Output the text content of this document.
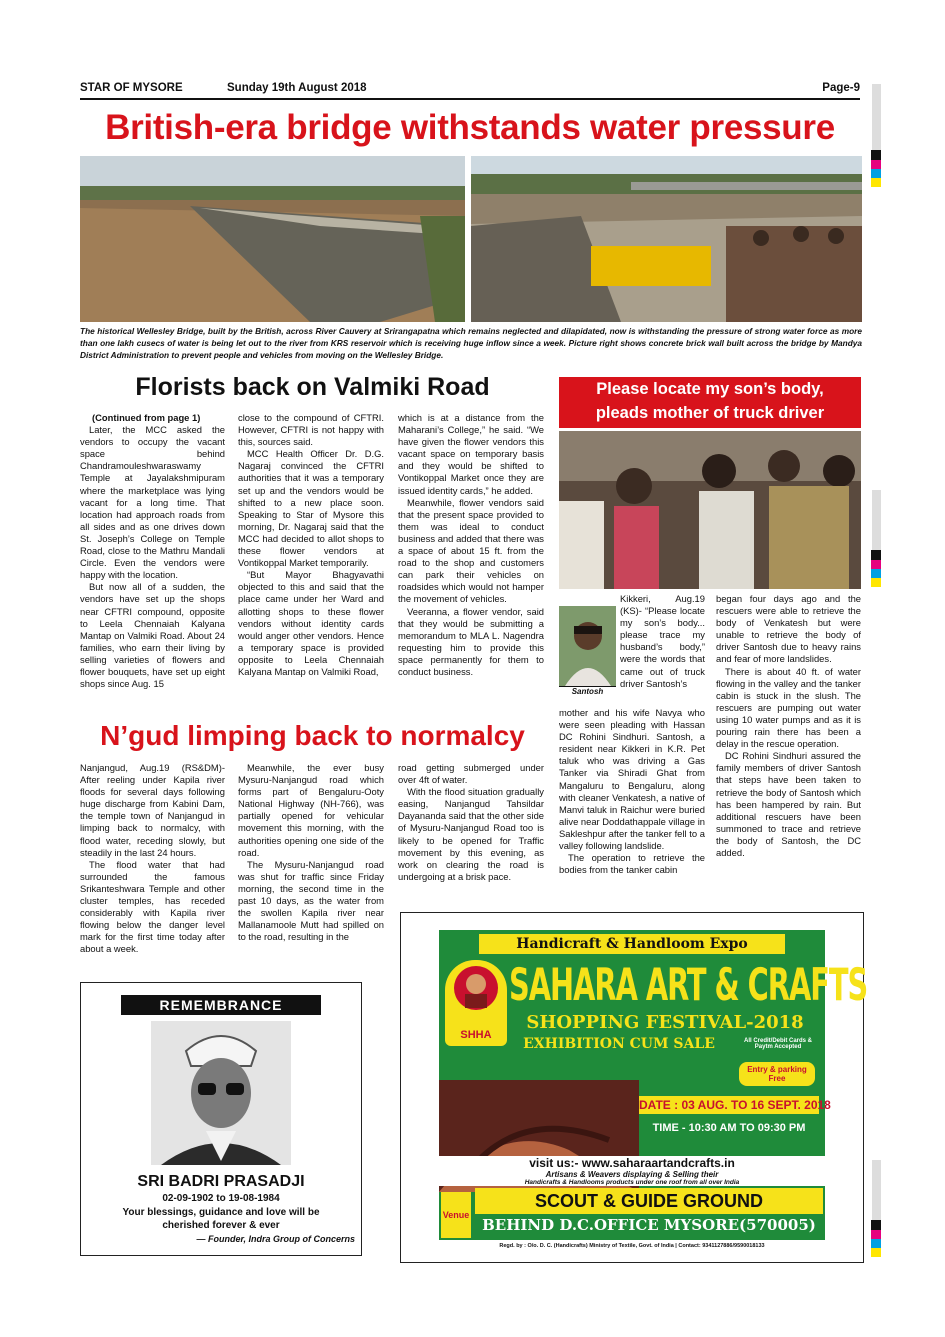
STAR OF MYSORE	Sunday 19th August 2018	Page-9
British-era bridge withstands water pressure
The historical Wellesley Bridge, built by the British, across River Cauvery at Srirangapatna which remains neglected and dilapidated, now is withstanding the pressure of strong water force as more than one lakh cusecs of water is being let out to the river from KRS reservoir which is receiving huge inflow since a week. Picture right shows concrete brick wall built across the bridge by Mandya District Administration to prevent people and vehicles from moving on the Wellesley Bridge.
Florists back on Valmiki Road

(Continued from page 1)

Later, the MCC asked the vendors to occupy the vacant space behind Chandramouleshwaraswamy Temple at Jayalakshmipuram where the marketplace was lying vacant for a long time. That location had approach roads from all sides and as one drives down St. Joseph’s College on Temple Road, close to the Mathru Mandali Circle. Even the vendors were happy with the location.

But now all of a sudden, the vendors have set up the shops near CFTRI compound, opposite to Leela Chennaiah Kalyana Mantap on Valmiki Road. About 24 families, who earn their living by selling varieties of flowers and flower bouquets, have set up eight shops since Aug. 15

close to the compound of CFTRI. However, CFTRI is not happy with this, sources said.

MCC Health Officer Dr. D.G. Nagaraj convinced the CFTRI authorities that it was a temporary set up and the vendors would be shifted to a new place soon. Speaking to Star of Mysore this morning, Dr. Nagaraj said that the MCC had decided to allot shops to these flower vendors at Vontikoppal Market temporarily.

“But Mayor Bhagyavathi objected to this and said that the place came under her Ward and allotting shops to these flower vendors without identity cards would anger other vendors. Hence a temporary space is provided opposite to Leela Chennaiah Kalyana Mantap on Valmiki Road,

which is at a distance from the Maharani’s College,” he said. “We have given the flower vendors this vacant space on temporary basis and they would be shifted to Vontikoppal Market once they are issued identity cards,” he added.

Meanwhile, flower vendors said that the present space provided to them was ideal to conduct business and added that there was a space of about 15 ft. from the road to the shop and customers can park their vehicles on roadsides which would not hamper the movement of vehicles.

Veeranna, a flower vendor, said that they would be submitting a memorandum to MLA L. Nagendra requesting him to provide this space permanently for them to conduct business.

Please locate my son’s body,
pleads mother of truck driver

Kikkeri, Aug.19 (KS)- “Please locate my son’s body... please trace my husband’s body,” were the words that came out of truck driver Santosh’s

Santosh

mother and his wife Navya who were seen pleading with Hassan DC Rohini Sindhuri. Santosh, a resident near Kikkeri in K.R. Pet taluk who was driving a Gas Tanker via Shiradi Ghat from Mangaluru to Bengaluru, along with cleaner Venkatesh, a native of Manvi taluk in Raichur were buried alive near Doddathappale village in Sakleshpur after the tanker fell to a valley following landslide.

The operation to retrieve the bodies from the tanker cabin

began four days ago and the rescuers were able to retrieve the body of Venkatesh but were unable to retrieve the body of driver Santosh due to heavy rains and fear of more landslides.

There is about 40 ft. of water flowing in the valley and the tanker cabin is stuck in the slush. The rescuers are pumping out water using 10 water pumps and as it is pouring rain there has been a delay in the rescue operation.

DC Rohini Sindhuri assured the family members of driver Santosh that steps have been taken to retrieve the body of Santosh which has been hampered by rain. But additional rescuers have been summoned to trace and retrieve the body of Santosh, the DC added.

N’gud limping back to normalcy

Nanjangud, Aug.19 (RS&DM)- After reeling under Kapila river floods for several days following huge discharge from Kabini Dam, the temple town of Nanjangud in limping back to normalcy, with flood water, receding slowly, but steadily in the last 24 hours.

The flood water that had surrounded the famous Srikanteshwara Temple and other cluster temples, has receded considerably with Kapila river flowing below the danger level mark for the first time today after about a week.

Meanwhile, the ever busy Mysuru-Nanjangud road which forms part of Bengaluru-Ooty National Highway (NH-766), was partially opened for vehicular movement this morning, with the authorities opening one side of the road.

The Mysuru-Nanjangud road was shut for traffic since Friday morning, the second time in the past 10 days, as the water from the swollen Kapila river near Mallanamoole Mutt had spilled on to the road, resulting in the

road getting submerged under over 4ft of water.

With the flood situation gradually easing, Nanjangud Tahsildar Dayananda said that the other side of Mysuru-Nanjangud Road too is likely to be opened for Traffic movement by this evening, as work on clearing the road is undergoing at a brisk pace.

REMEMBRANCE
SRI BADRI PRASADJI
02-09-1902 to 19-08-1984
Your blessings, guidance and love will be
cherished forever & ever
— Founder, Indra Group of Concerns
Handicraft & Handloom Expo
SHHA
SAHARA ART & CRAFTS
SHOPPING FESTIVAL-2018
EXHIBITION CUM SALE	All Credit/Debit Cards & Paytm Accepted
Entry & parking Free
DATE : 03 AUG. TO 16 SEPT. 2018
TIME - 10:30 AM TO 09:30 PM
visit us:- www.saharaartandcrafts.in
Artisans & Weavers displaying & Selling their
Handicrafts & Handlooms products under one roof from all over India
Venue
SCOUT & GUIDE GROUND
BEHIND D.C.OFFICE MYSORE(570005)
Regd. by : O/o. D. C. (Handicrafts) Ministry of Textile, Govt. of India | Contact: 9341127886/9590018133
